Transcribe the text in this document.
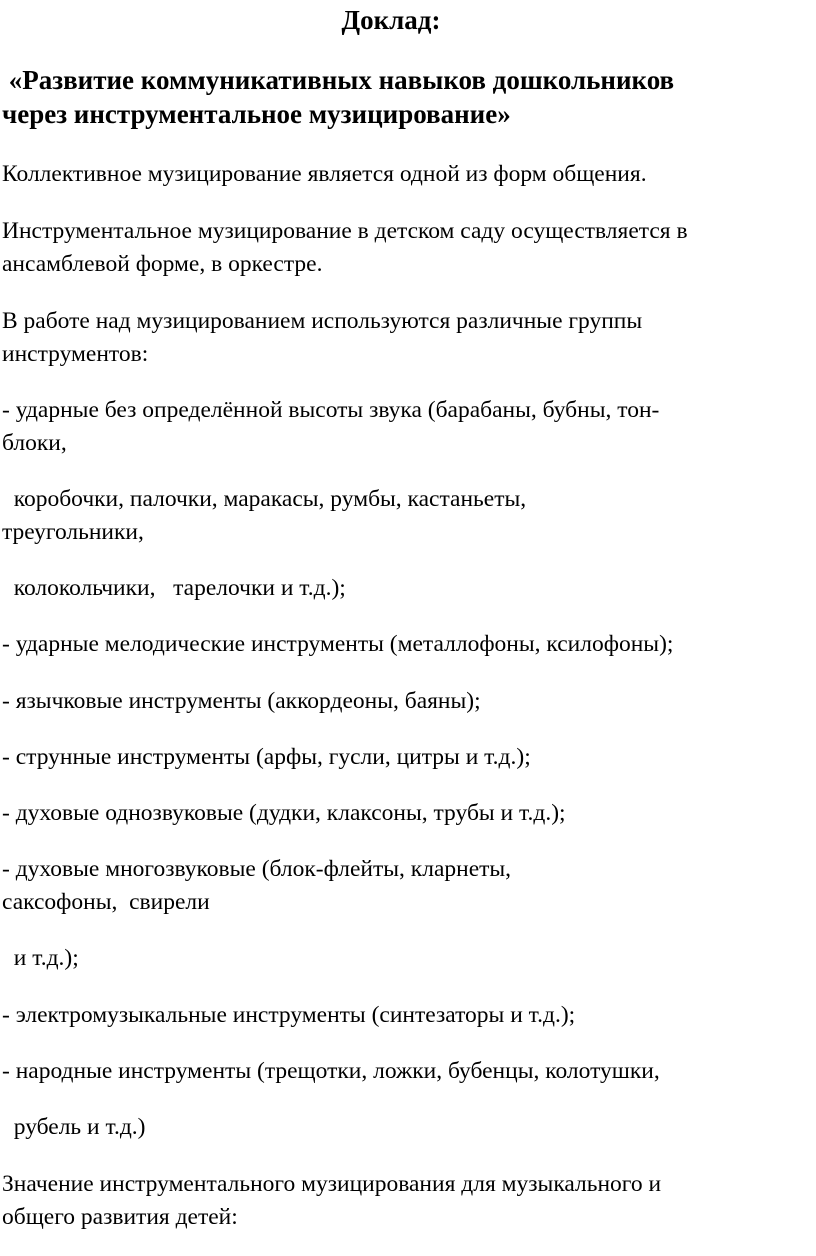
Доклад:
«Развитие коммуникативных навыков дошкольников
через инструментальное музицирование»

Коллективное музицирование является одной из форм общения.

Инструментальное музицирование в детском саду осуществляется в
ансамблевой форме, в оркестре.

В работе над музицированием используются различные группы
инструментов:

- ударные без определённой высоты звука (барабаны, бубны, тон-
блоки,

коробочки, палочки, маракасы, румбы, кастаньеты,
треугольники,

колокольчики,   тарелочки и т.д.);

- ударные мелодические инструменты (металлофоны, ксилофоны);

- язычковые инструменты (аккордеоны, баяны);

- струнные инструменты (арфы, гусли, цитры и т.д.);

- духовые однозвуковые (дудки, клаксоны, трубы и т.д.);

- духовые многозвуковые (блок-флейты, кларнеты,
саксофоны,  свирели

и т.д.);

- электромузыкальные инструменты (синтезаторы и т.д.);

- народные инструменты (трещотки, ложки, бубенцы, колотушки,

рубель и т.д.)

Значение инструментального музицирования для музыкального и
общего развития детей:
